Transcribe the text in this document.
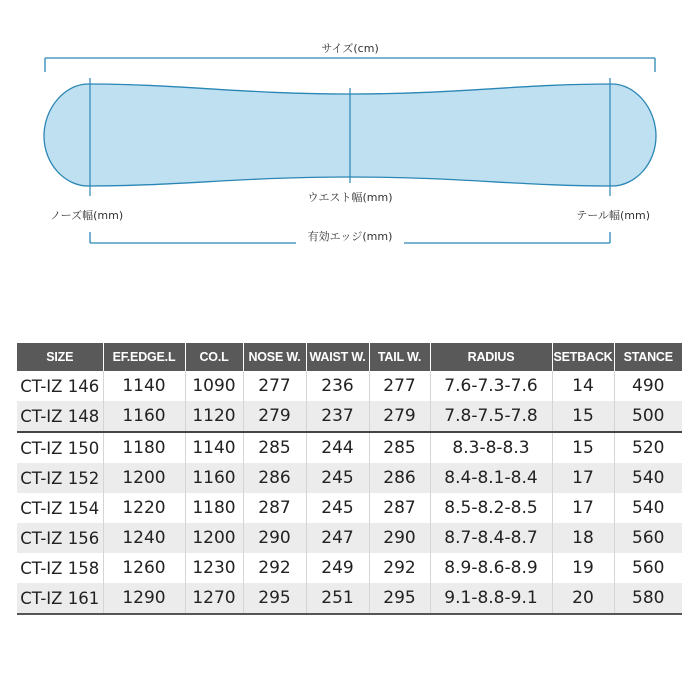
サイズ(cm)
ウエスト幅(mm)
ノーズ幅(mm)	テール幅(mm)
有効エッジ(mm)
SIZE	EF.EDGE.L	CO.L	NOSE W.	WAIST W.	TAIL W.	RADIUS	SETBACK	STANCE
CT-IZ 146	1140	1090	277	236	277	7.6-7.3-7.6	14	490
CT-IZ 148	1160	1120	279	237	279	7.8-7.5-7.8	15	500
CT-IZ 150	1180	1140	285	244	285	8.3-8-8.3	15	520
CT-IZ 152	1200	1160	286	245	286	8.4-8.1-8.4	17	540
CT-IZ 154	1220	1180	287	245	287	8.5-8.2-8.5	17	540
CT-IZ 156	1240	1200	290	247	290	8.7-8.4-8.7	18	560
CT-IZ 158	1260	1230	292	249	292	8.9-8.6-8.9	19	560
CT-IZ 161	1290	1270	295	251	295	9.1-8.8-9.1	20	580
